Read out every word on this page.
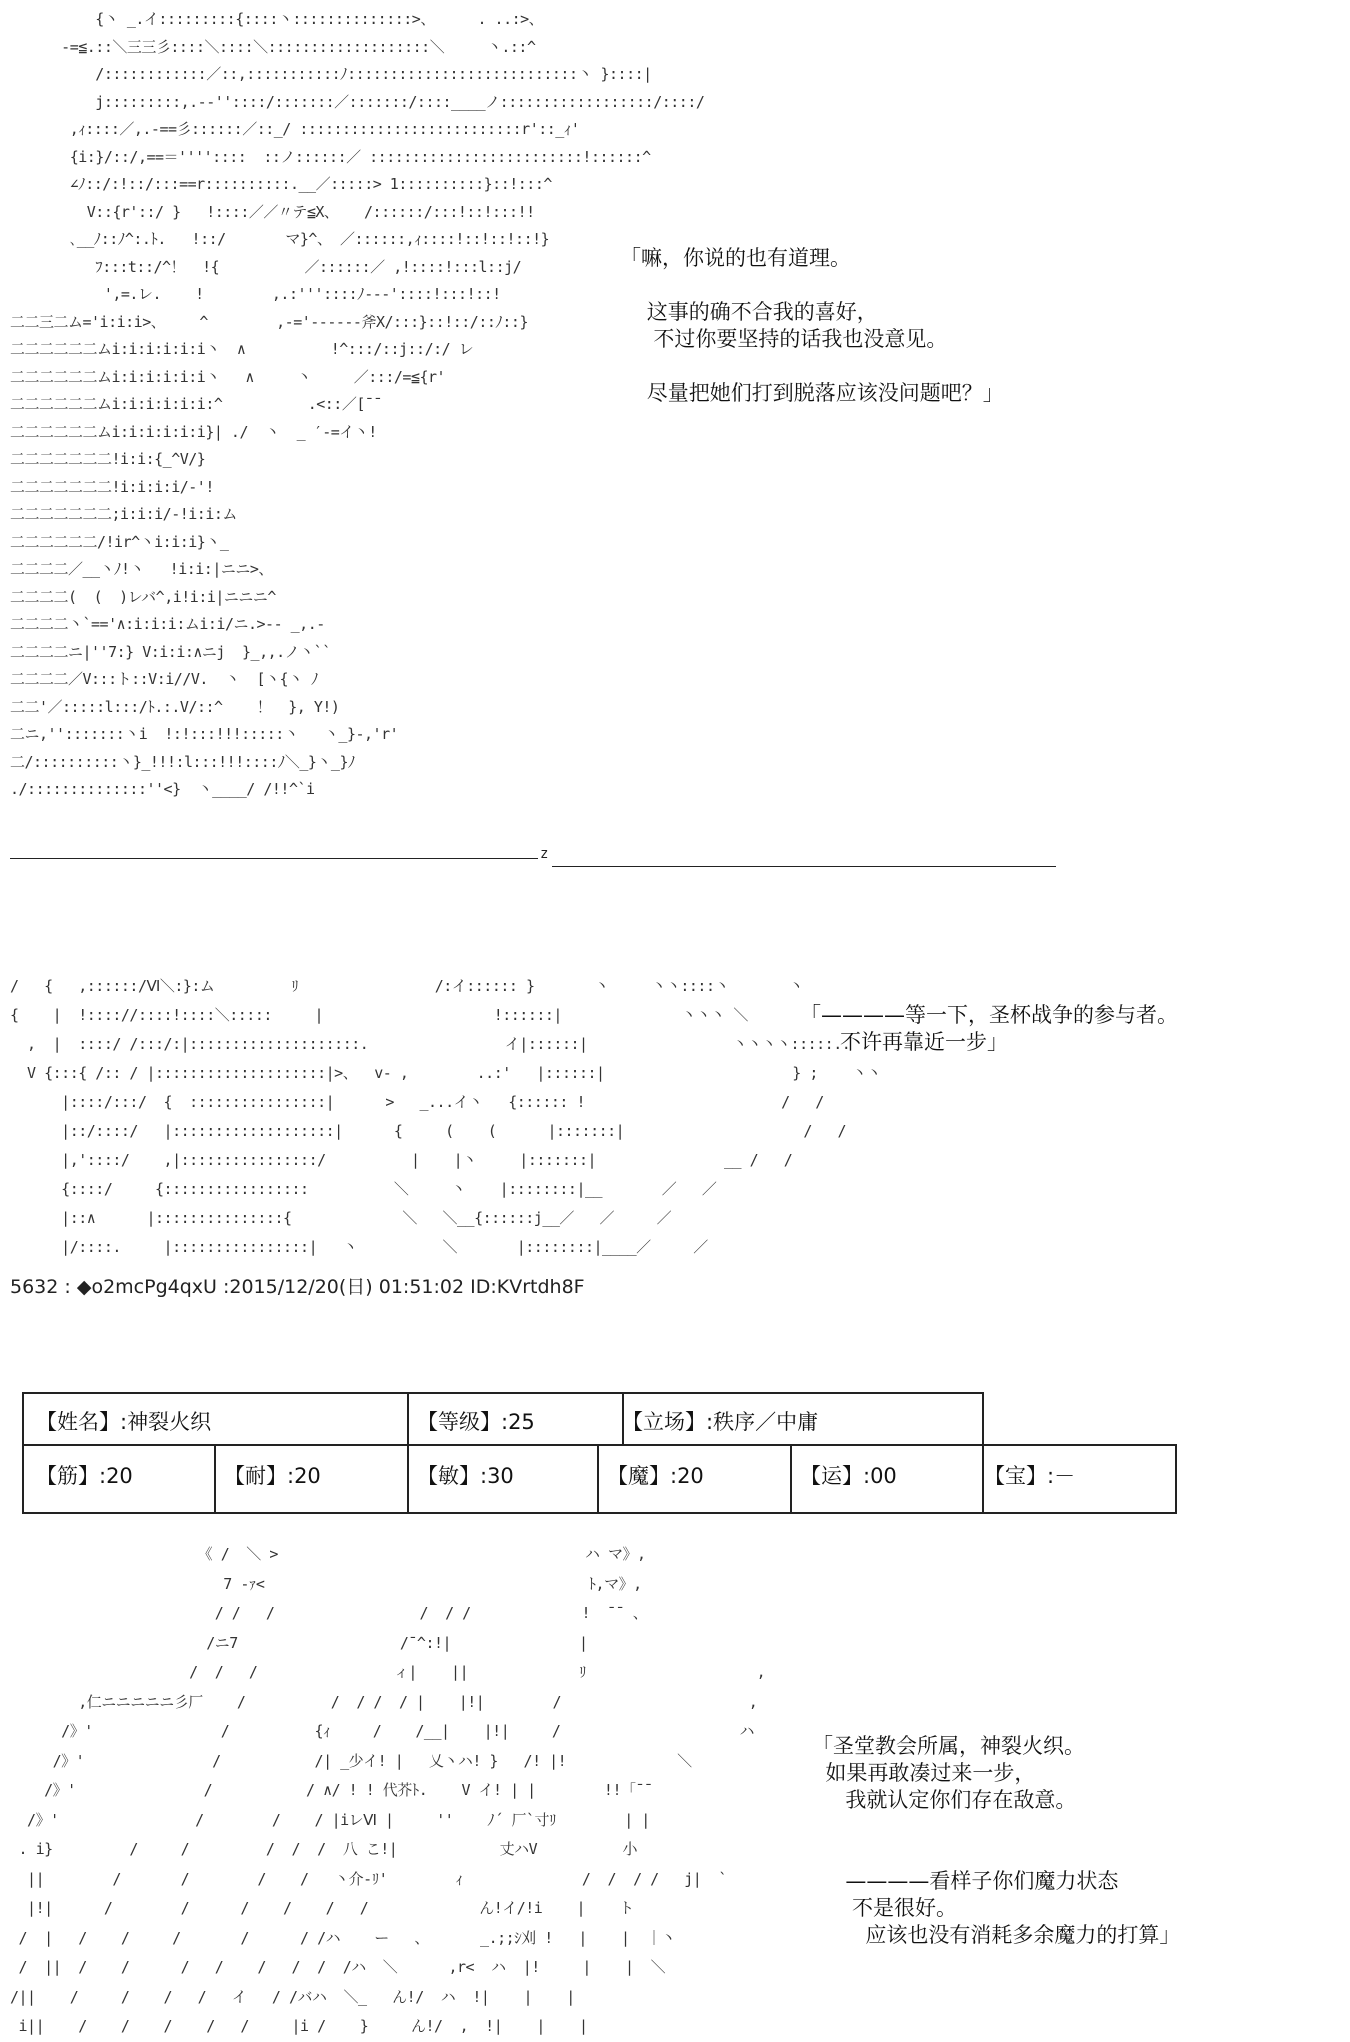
{丶 _.イ:::::::::{::::丶::::::::::::::>、     . ..:>、
-=≦.::＼三三彡::::＼::::＼:::::::::::::::::::＼     丶.::^
/::::::::::::／::,:::::::::::ﾉ:::::::::::::::::::::::::::丶 }::::|
j:::::::::,.-‐''::::/:::::::／:::::::/::::____ノ::::::::::::::::::/::::/
,ｨ::::／,.-==彡::::::／::_/ ::::::::::::::::::::::::::r'::_ｨ'
{i:}/::/,==＝''''::::  ::ノ::::::／ :::::::::::::::::::::::::!::::::^
∠ﾉ::/:!::/:::==r::::::::::.__／:::::> 1::::::::::}::!:::^
V::{r'::/ }   !::::／／〃テ≦X、   /::::::/:::!::!:::!!
､__ﾉ::ﾉ^:.ﾄ.   !::/       マ}^、 ／::::::,ｨ::::!::!::!::!}
ﾌ:::t::/^！  !{          ／::::::／ ,!::::!:::l::j/
',=.レ.    !        ,.:'''::::ﾉ--‐'::::!:::!::!
二二三二ム='i:i:i>、    ^        ,-='------斧X/:::}::!::/::ﾉ::}
二二二二二二ムi:i:i:i:i:i丶  ∧          !^:::/::j::/:/ レ
二二二二二二ムi:i:i:i:i:i丶   ∧     丶     ／:::/=≦{r'
二二二二二二ムi:i:i:i:i:i:^          .<::／[¯¯
二二二二二二ムi:i:i:i:i:i}| ./  丶  _ ′-=イ丶!
二二二二二二二!i:i:{_^V/}
二二二二二二二!i:i:i:i/-'!
二二二二二二二;i:i:i/-!i:i:ム
二二二二二二/!ir^丶i:i:i}丶_
二二二二／__丶ﾉ!丶   !i:i:|ニニ>、
二二二二(  (  )レバ^,i!i:i|ニニニ^
二二二二丶`=='∧:i:i:i:ムi:i/ニ.>-‐ _,.-
二二二二ニ|''7:} V:i:i:∧ニj  }_,,.ノ丶``
二二二二／V:::ト::V:i//V.  丶  [丶{丶 ﾉ
二二'／:::::l:::/ﾄ.:.V/::^    ！  }, Y!)
二ニ,'':::::::丶i  !:!:::!!!:::::丶   丶_}-,'r'
二/::::::::::丶}_!!!:l:::!!!::::ﾉ＼_}丶_}ﾉ
./::::::::::::::''<}  丶____/ /!!^`i
「嘛，你说的也有道理。

这事的确不合我的喜好，
不过你要坚持的话我也没意见。

尽量把她们打到脱落应该没问题吧？」
z
/   {   ,::::::/Ⅵ＼:}:ム         ﾘ                /:イ:::::: }       丶     丶丶::::丶       丶
{    |  !:::://::::!::::＼:::::     |                    !::::::|              丶丶丶 ＼
,  |  ::::/ /:::/:|::::::::::::::::::::.                イ|::::::|                 丶丶丶丶:::::..
V {:::{ /:: / |::::::::::::::::::::|>、  v- ,        ..:'   |::::::|                      } ;    丶丶
|::::/:::/  {  ::::::::::::::::|      >   _...イ丶   {:::::: !                       /   /
|::/::::/   |:::::::::::::::::::|      {     (    (      |:::::::|                     /   /
|,'::::/    ,|::::::::::::::::/          |    |丶     |:::::::|               __ /   /
{::::/     {:::::::::::::::::          ＼     丶    |::::::::|__       ／   ／
|::∧      |:::::::::::::::{             ＼   ＼__{::::::j__／   ／     ／
|/::::.     |::::::::::::::::|   丶          ＼       |::::::::|____／     ／
「————等一下，圣杯战争的参与者。
不许再靠近一步」
5632 : ◆o2mcPg4qxU :2015/12/20(日) 01:51:02 ID:KVrtdh8F
【姓名】:神裂火织	【等级】:25	【立场】:秩序／中庸
【筋】:20	【耐】:20	【敏】:30	【魔】:20	【运】:00	【宝】:－
《 /  ＼ >                                    ハ マ》,
7 -ｧ<                                      ﾄ,マ》,
/ /   /                 /  / /             !  ¯¯ 、
/ニ7                   /¯^:!|               |
/  /   /                ィ|    ||             ﾘ                    ,
,仁ニニニニニ彡厂    /          /  / /  / |    |!|        /                      ,
/》'               /          {ｨ     /    /__|    |!|     /                     ハ
/》'               /           /| _少イ! |   乂丶ハ! }   /! |!             ＼
/》'               /           / ∧/ ! ! 代芥ﾄ.    V イ! | |        !!「¯¯
/》'                /        /    / |iレⅥ |     ''    ﾉ´ 厂`寸ﾘ        | |
. i}         /     /         /  /  /  八 こ!|            丈ハV          小
||        /       /        /    /   丶介‐ﾘ'        ｨ              /  /  / /   j|  `
|!|      /        /      /    /    /   /             ん!イ/!i    |    ト
/  |   /    /     /       /      / /ハ    ー   、      _.;;ｼ刈 !   |    |  ｜丶
/  ||  /    /      /   /    /   /  /  /ハ  ＼      ,r<  ハ  |!     |    |  ＼
/||    /     /    /   /   イ   / /バハ  ＼_   ん!/  ハ  !|    |    |
i||    /    /    /    /   /     |i /    }     ん!/  ,  !|    |    |
「圣堂教会所属，神裂火织。
如果再敢凑过来一步，
我就认定你们存在敌意。

————看样子你们魔力状态
不是很好。
应该也没有消耗多余魔力的打算」
